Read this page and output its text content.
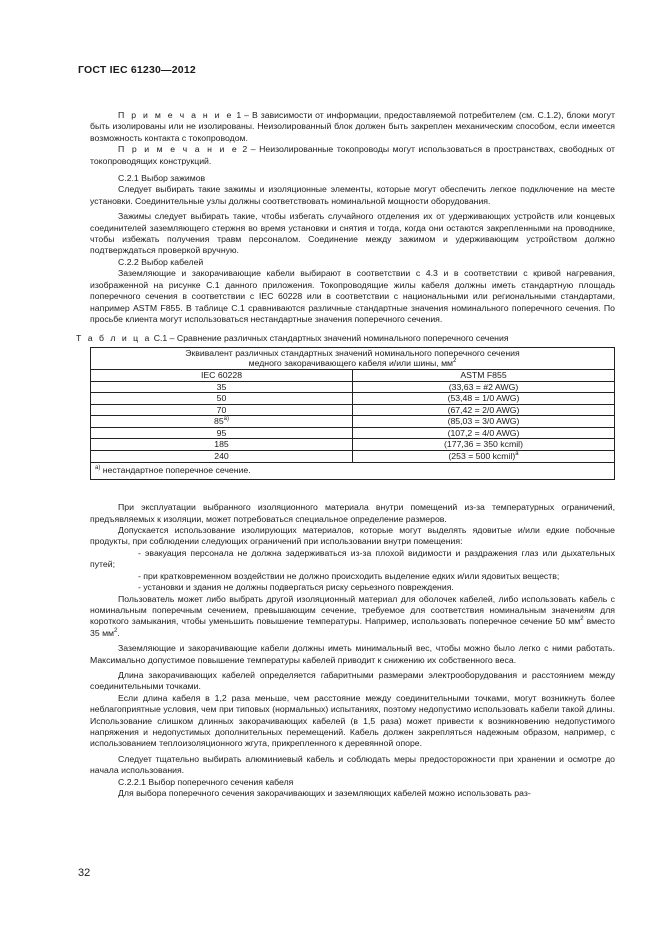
ГОСТ IEC 61230—2012

П р и м е ч а н и е 1 – В зависимости от информации, предоставляемой потребителем (см. С.1.2), блоки могут быть изолированы или не изолированы. Неизолированный блок должен быть закреплен механическим способом, если имеется возможность контакта с токопроводом.

П р и м е ч а н и е 2 – Неизолированные токопроводы могут использоваться в пространствах, свободных от токопроводящих конструкций.

С.2.1 Выбор зажимов

Следует выбирать такие зажимы и изоляционные элементы, которые могут обеспечить легкое подключение на месте установки. Соединительные узлы должны соответствовать номинальной мощности оборудования.

Зажимы следует выбирать такие, чтобы избегать случайного отделения их от удерживающих устройств или концевых соединителей заземляющего стержня во время установки и снятия и тогда, когда они остаются закрепленными на проводнике, чтобы избежать получения травм персоналом. Соединение между зажимом и удерживающим устройством должно подтверждаться проверкой вручную.

С.2.2 Выбор кабелей

Заземляющие и закорачивающие кабели выбирают в соответствии с 4.3 и в соответствии с кривой нагревания, изображенной на рисунке С.1 данного приложения. Токопроводящие жилы кабеля должны иметь стандартную площадь поперечного сечения в соответствии с IEC 60228 или в соответствии с национальными или региональными стандартами, например ASTM F855. В таблице С.1 сравниваются различные стандартные значения номинального поперечного сечения. По просьбе клиента могут использоваться нестандартные значения поперечного сечения.

Т а б л и ц а С.1 – Сравнение различных стандартных значений номинального поперечного сечения

Эквивалент различных стандартных значений номинального поперечного сечения
медного закорачивающего кабеля и/или шины, $мм^2$

IEC 60228	ASTM F855
35	(33,63 = #2 AWG)
50	(53,48 = 1/0 AWG)
70	(67,42 = 2/0 AWG)
$85^{а)}$	(85,03 = 3/0 AWG)
95	(107,2 = 4/0 AWG)
185	(177,36 = 350 kcmil)
240	(253 = 500 kcmil)$^а$
$^{а)}$ нестандартное поперечное сечение.	

При эксплуатации выбранного изоляционного материала внутри помещений из-за температурных ограничений, предъявляемых к изоляции, может потребоваться специальное определение размеров.

Допускается использование изолирующих материалов, которые могут выделять ядовитые и/или едкие побочные продукты, при соблюдении следующих ограничений при использовании внутри помещения:

- эвакуация персонала не должна задерживаться из-за плохой видимости и раздражения глаз или дыхательных путей;

- при кратковременном воздействии не должно происходить выделение едких и/или ядовитых веществ;

- установки и здания не должны подвергаться риску серьезного повреждения.

Пользователь может либо выбрать другой изоляционный материал для оболочек кабелей, либо использовать кабель с номинальным поперечным сечением, превышающим сечение, требуемое для соответствия номинальным значениям для короткого замыкания, чтобы уменьшить повышение температуры. Например, использовать поперечное сечение 50 $мм^2$ вместо 35 $мм^2$.

Заземляющие и закорачивающие кабели должны иметь минимальный вес, чтобы можно было легко с ними работать. Максимально допустимое повышение температуры кабелей приводит к снижению их собственного веса.

Длина закорачивающих кабелей определяется габаритными размерами электрооборудования и расстоянием между соединительными точками.

Если длина кабеля в 1,2 раза меньше, чем расстояние между соединительными точками, могут возникнуть более неблагоприятные условия, чем при типовых (нормальных) испытаниях, поэтому недопустимо использовать кабели такой длины. Использование слишком длинных закорачивающих кабелей (в 1,5 раза) может привести к возникновению недопустимого напряжения и недопустимых дополнительных перемещений. Кабель должен закрепляться надежным образом, например, с использованием теплоизоляционного жгута, прикрепленного к деревянной опоре.

Следует тщательно выбирать алюминиевый кабель и соблюдать меры предосторожности при хранении и осмотре до начала использования.

С.2.2.1 Выбор поперечного сечения кабеля

Для выбора поперечного сечения закорачивающих и заземляющих кабелей можно использовать раз-

32
